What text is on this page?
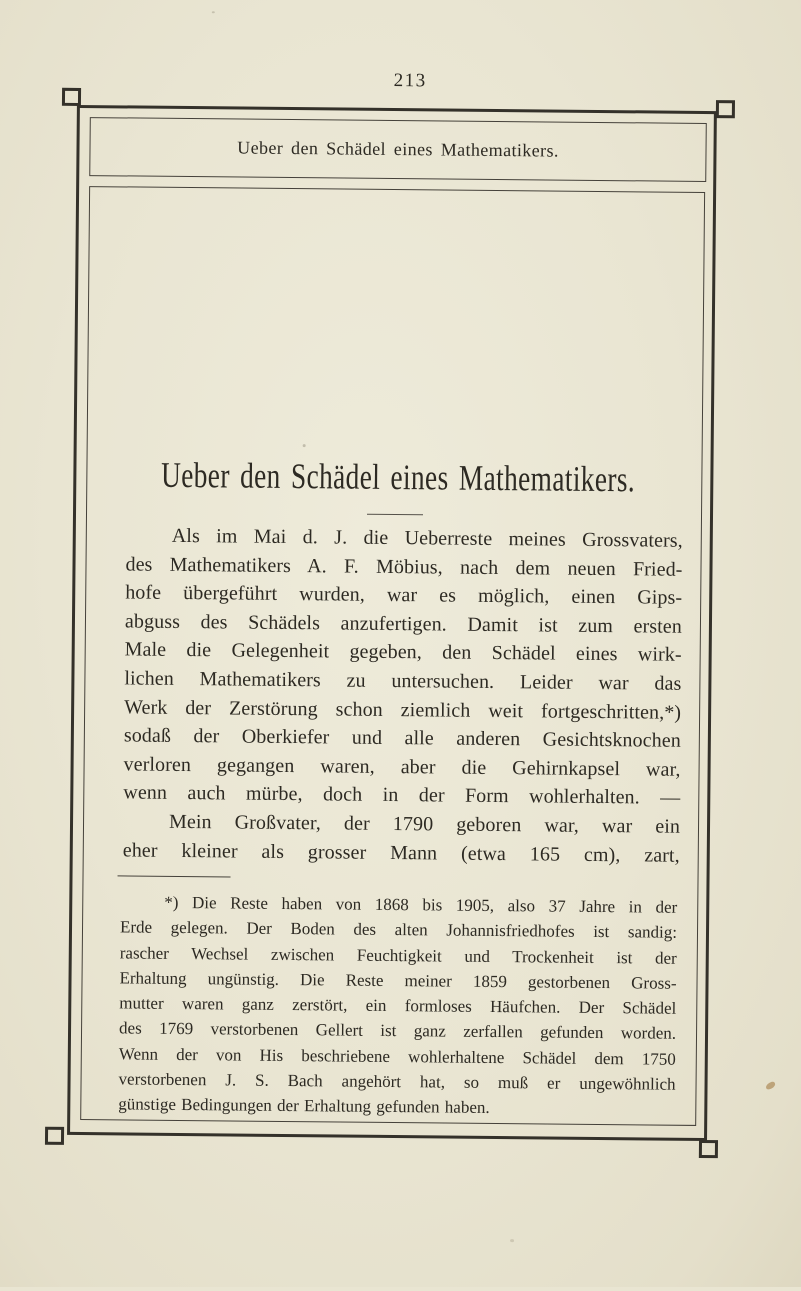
213
Ueber den Schädel eines Mathematikers.
Ueber den Schädel eines Mathematikers.
Als im Mai d. J. die Ueberreste meines Grossvaters,
des Mathematikers A. F. Möbius, nach dem neuen Fried-
hofe übergeführt wurden, war es möglich, einen Gips-
abguss des Schädels anzufertigen. Damit ist zum ersten
Male die Gelegenheit gegeben, den Schädel eines wirk-
lichen Mathematikers zu untersuchen. Leider war das
Werk der Zerstörung schon ziemlich weit fortgeschritten,*)
sodaß der Oberkiefer und alle anderen Gesichtsknochen
verloren gegangen waren, aber die Gehirnkapsel war,
wenn auch mürbe, doch in der Form wohlerhalten. —
Mein Großvater, der 1790 geboren war, war ein
eher kleiner als grosser Mann (etwa 165 cm), zart,
*) Die Reste haben von 1868 bis 1905, also 37 Jahre in der
Erde gelegen. Der Boden des alten Johannisfriedhofes ist sandig:
rascher Wechsel zwischen Feuchtigkeit und Trockenheit ist der
Erhaltung ungünstig. Die Reste meiner 1859 gestorbenen Gross-
mutter waren ganz zerstört, ein formloses Häufchen. Der Schädel
des 1769 verstorbenen Gellert ist ganz zerfallen gefunden worden.
Wenn der von His beschriebene wohlerhaltene Schädel dem 1750
verstorbenen J. S. Bach angehört hat, so muß er ungewöhnlich
günstige Bedingungen der Erhaltung gefunden haben.
